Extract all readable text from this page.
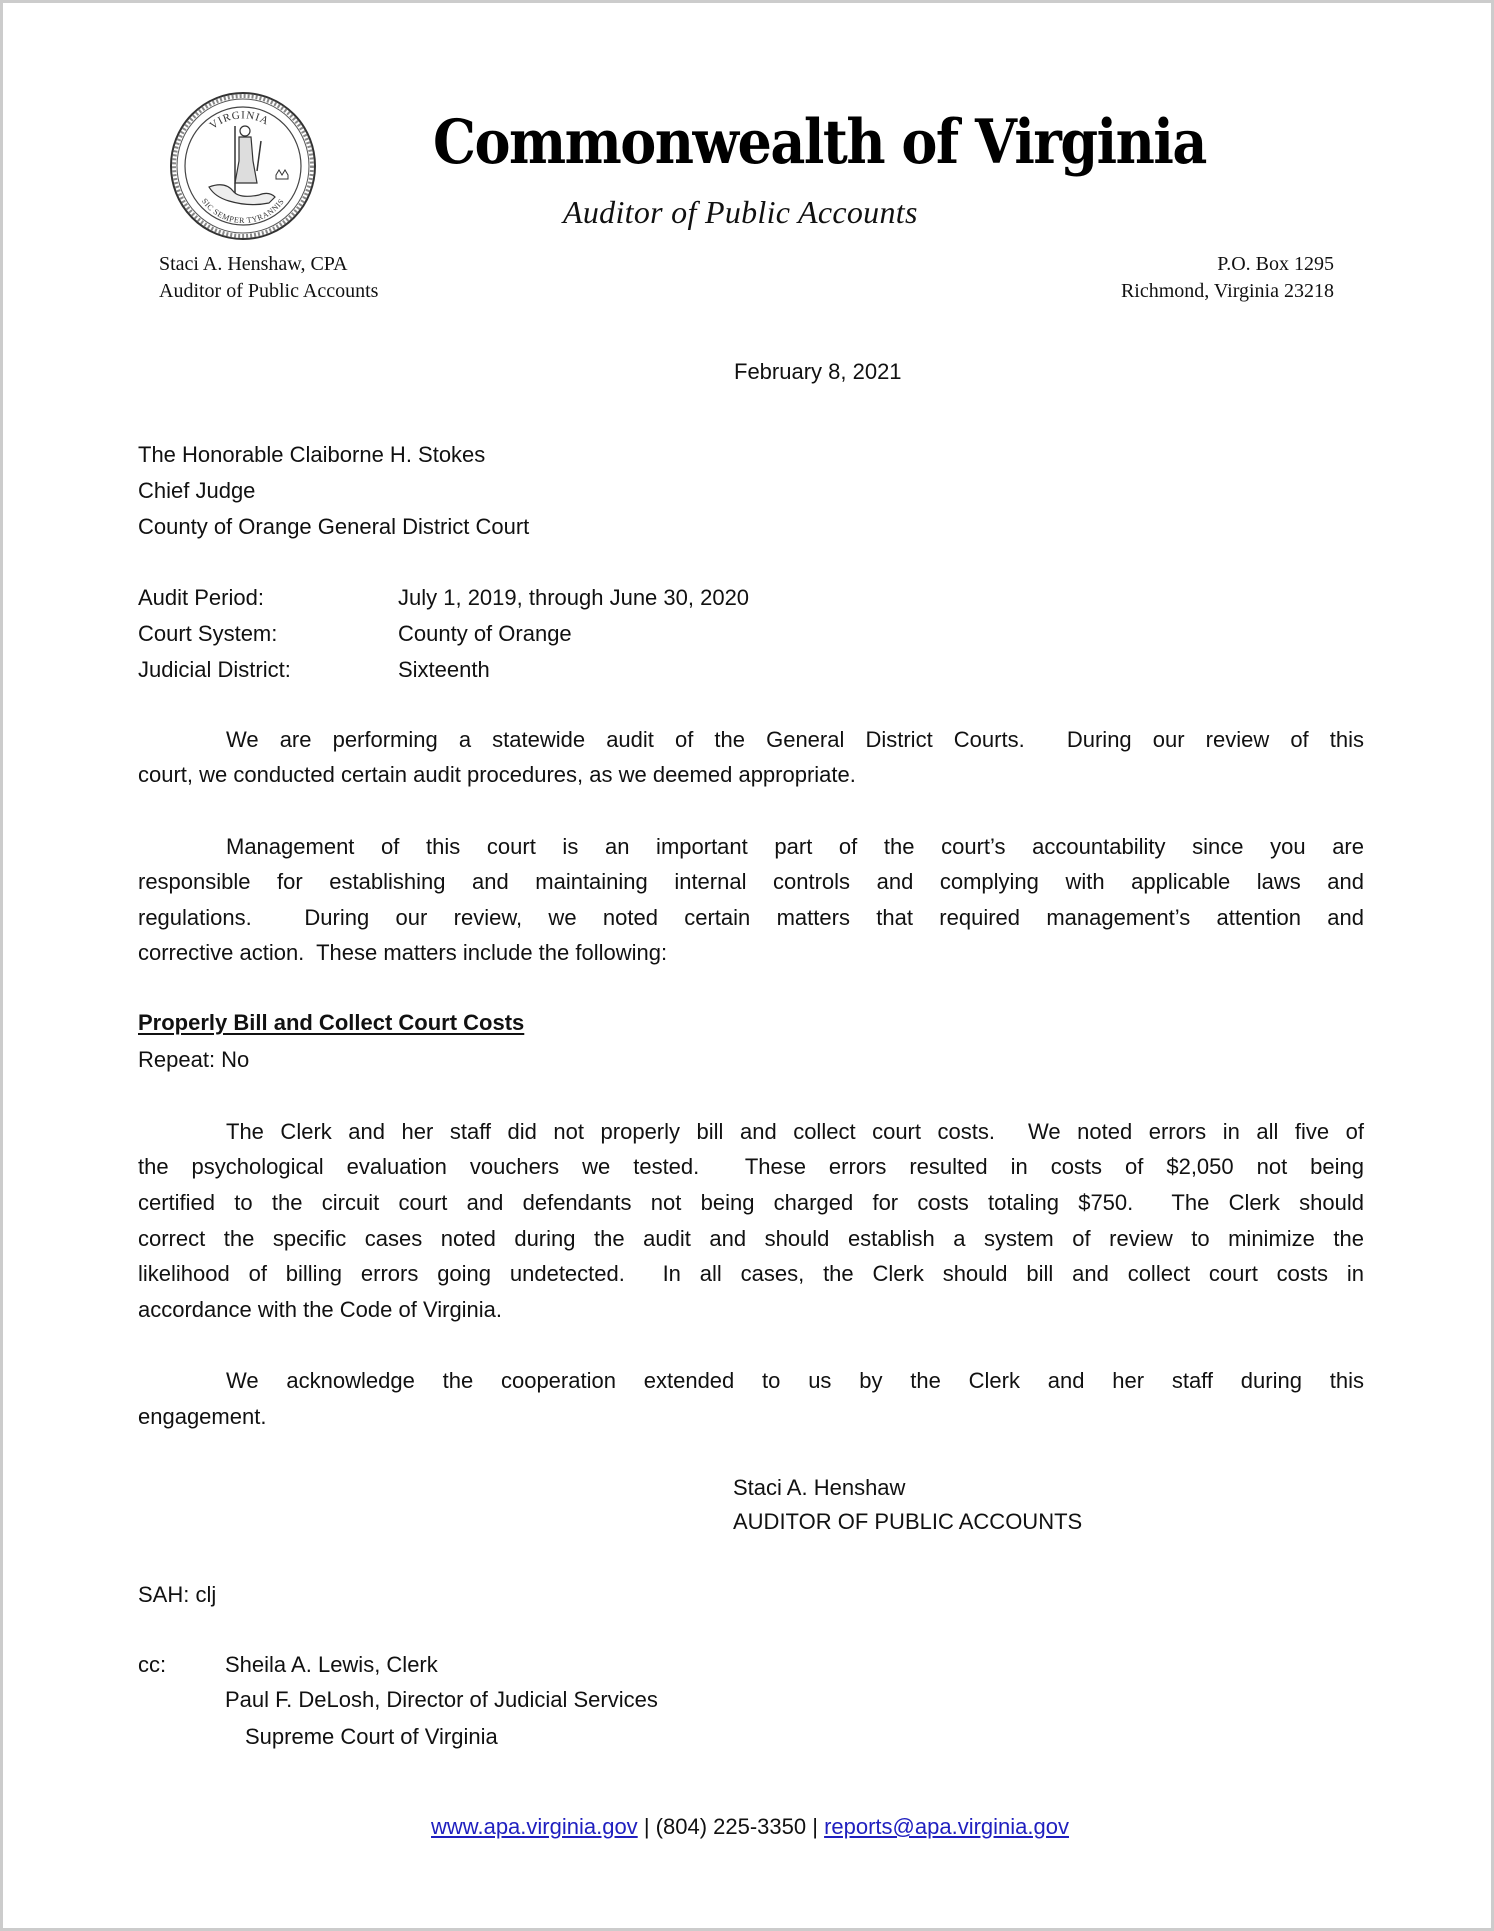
VIRGINIA
SIC SEMPER TYRANNIS
Commonwealth of Virginia
Auditor of Public Accounts
Staci A. Henshaw, CPA
Auditor of Public Accounts
P.O. Box 1295
Richmond, Virginia 23218
February 8, 2021
The Honorable Claiborne H. Stokes
Chief Judge
County of Orange General District Court
Audit Period:	July 1, 2019, through June 30, 2020
Court System:	County of Orange
Judicial District:	Sixteenth
We are performing a statewide audit of the General District Courts.  During our review of this
court, we conducted certain audit procedures, as we deemed appropriate.
Management of this court is an important part of the court’s accountability since you are
responsible for establishing and maintaining internal controls and complying with applicable laws and
regulations.  During our review, we noted certain matters that required management’s attention and
corrective action.  These matters include the following:
Properly Bill and Collect Court Costs
Repeat: No
The Clerk and her staff did not properly bill and collect court costs.  We noted errors in all five of
the psychological evaluation vouchers we tested.  These errors resulted in costs of $2,050 not being
certified to the circuit court and defendants not being charged for costs totaling $750.  The Clerk should
correct the specific cases noted during the audit and should establish a system of review to minimize the
likelihood of billing errors going undetected.  In all cases, the Clerk should bill and collect court costs in
accordance with the Code of Virginia.
We acknowledge the cooperation extended to us by the Clerk and her staff during this
engagement.
Staci A. Henshaw
AUDITOR OF PUBLIC ACCOUNTS
SAH: clj
cc:	Sheila A. Lewis, Clerk
Paul F. DeLosh, Director of Judicial Services
Supreme Court of Virginia
www.apa.virginia.gov | (804) 225-3350 | reports@apa.virginia.gov
